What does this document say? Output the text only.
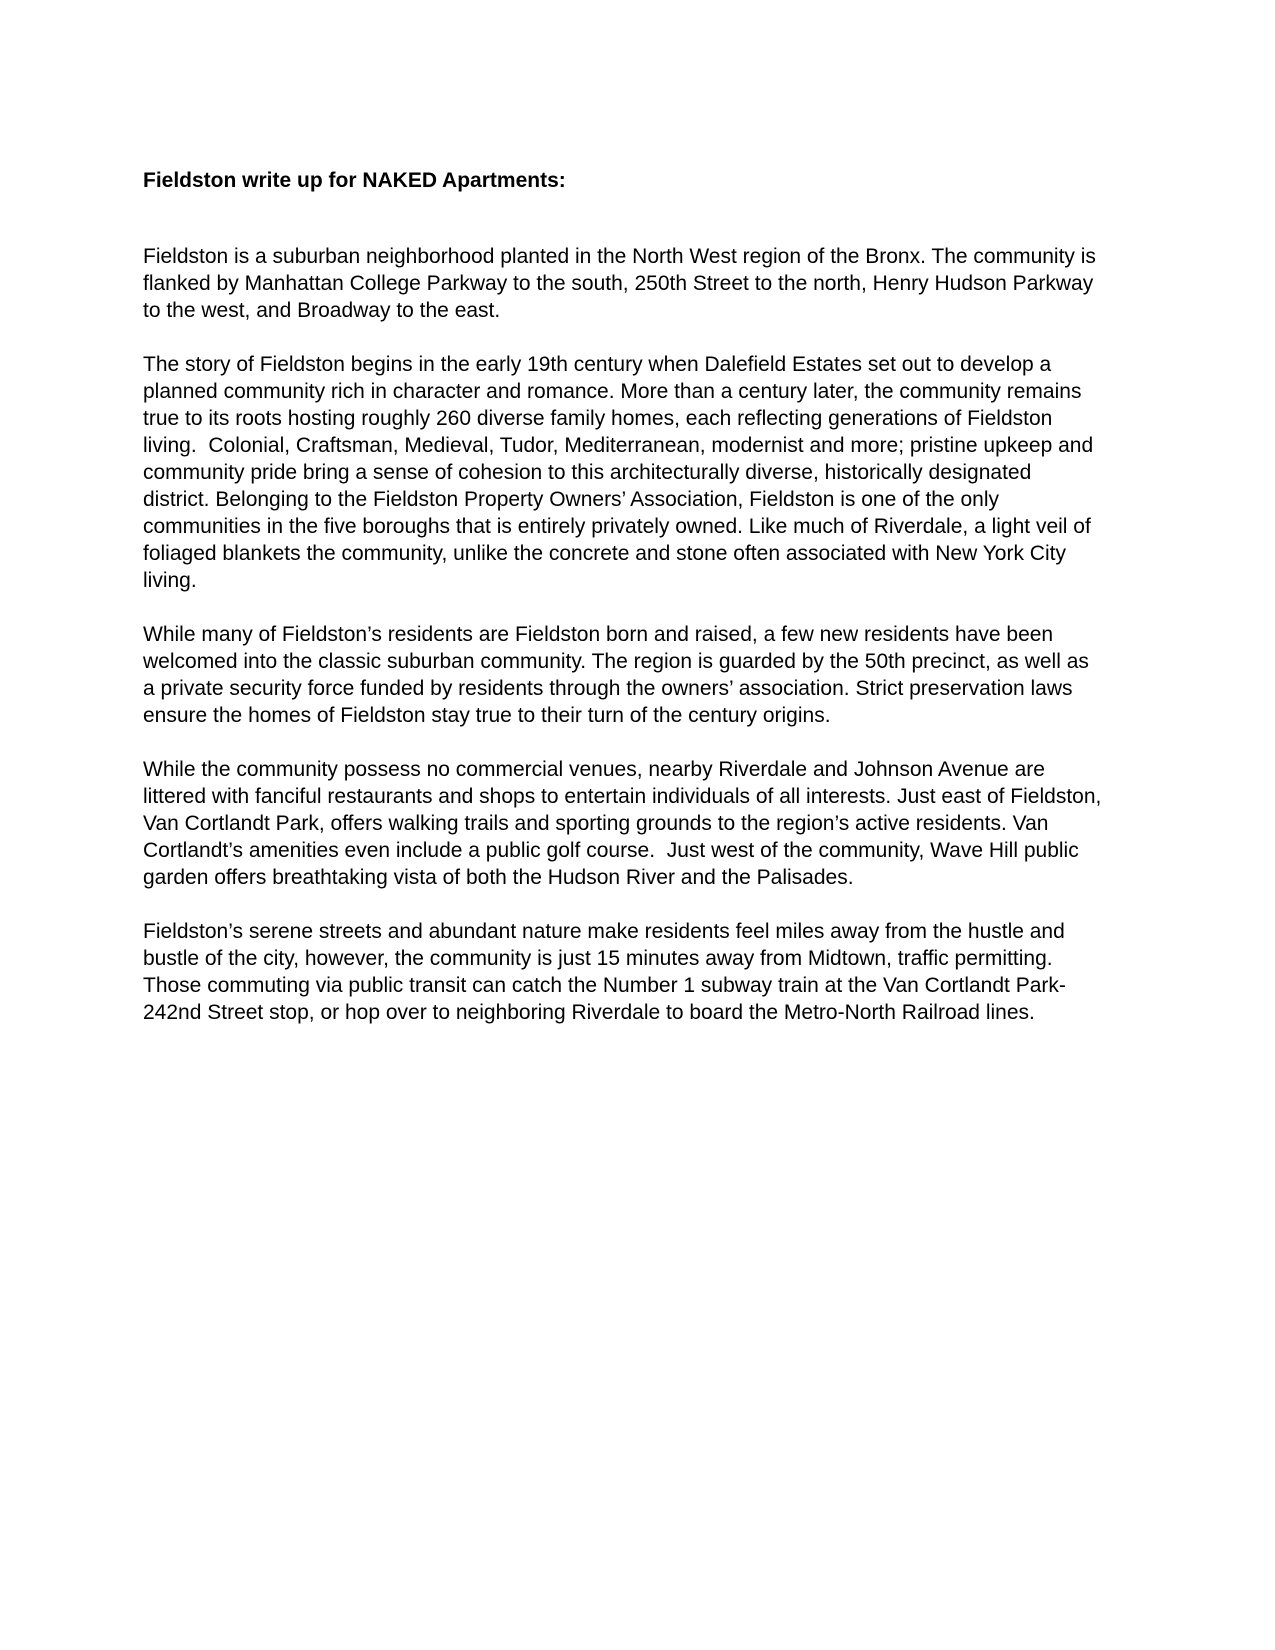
Fieldston write up for NAKED Apartments:

Fieldston is a suburban neighborhood planted in the North West region of the Bronx. The community is flanked by Manhattan College Parkway to the south, 250th Street to the north, Henry Hudson Parkway to the west, and Broadway to the east.

The story of Fieldston begins in the early 19th century when Dalefield Estates set out to develop a planned community rich in character and romance. More than a century later, the community remains true to its roots hosting roughly 260 diverse family homes, each reflecting generations of Fieldston living.  Colonial, Craftsman, Medieval, Tudor, Mediterranean, modernist and more; pristine upkeep and community pride bring a sense of cohesion to this architecturally diverse, historically designated district. Belonging to the Fieldston Property Owners’ Association, Fieldston is one of the only communities in the five boroughs that is entirely privately owned. Like much of Riverdale, a light veil of foliaged blankets the community, unlike the concrete and stone often associated with New York City living.

While many of Fieldston’s residents are Fieldston born and raised, a few new residents have been welcomed into the classic suburban community. The region is guarded by the 50th precinct, as well as a private security force funded by residents through the owners’ association. Strict preservation laws ensure the homes of Fieldston stay true to their turn of the century origins.

While the community possess no commercial venues, nearby Riverdale and Johnson Avenue are littered with fanciful restaurants and shops to entertain individuals of all interests. Just east of Fieldston, Van Cortlandt Park, offers walking trails and sporting grounds to the region’s active residents. Van Cortlandt’s amenities even include a public golf course.  Just west of the community, Wave Hill public garden offers breathtaking vista of both the Hudson River and the Palisades.

Fieldston’s serene streets and abundant nature make residents feel miles away from the hustle and bustle of the city, however, the community is just 15 minutes away from Midtown, traffic permitting. Those commuting via public transit can catch the Number 1 subway train at the Van Cortlandt Park-242nd Street stop, or hop over to neighboring Riverdale to board the Metro-North Railroad lines.
